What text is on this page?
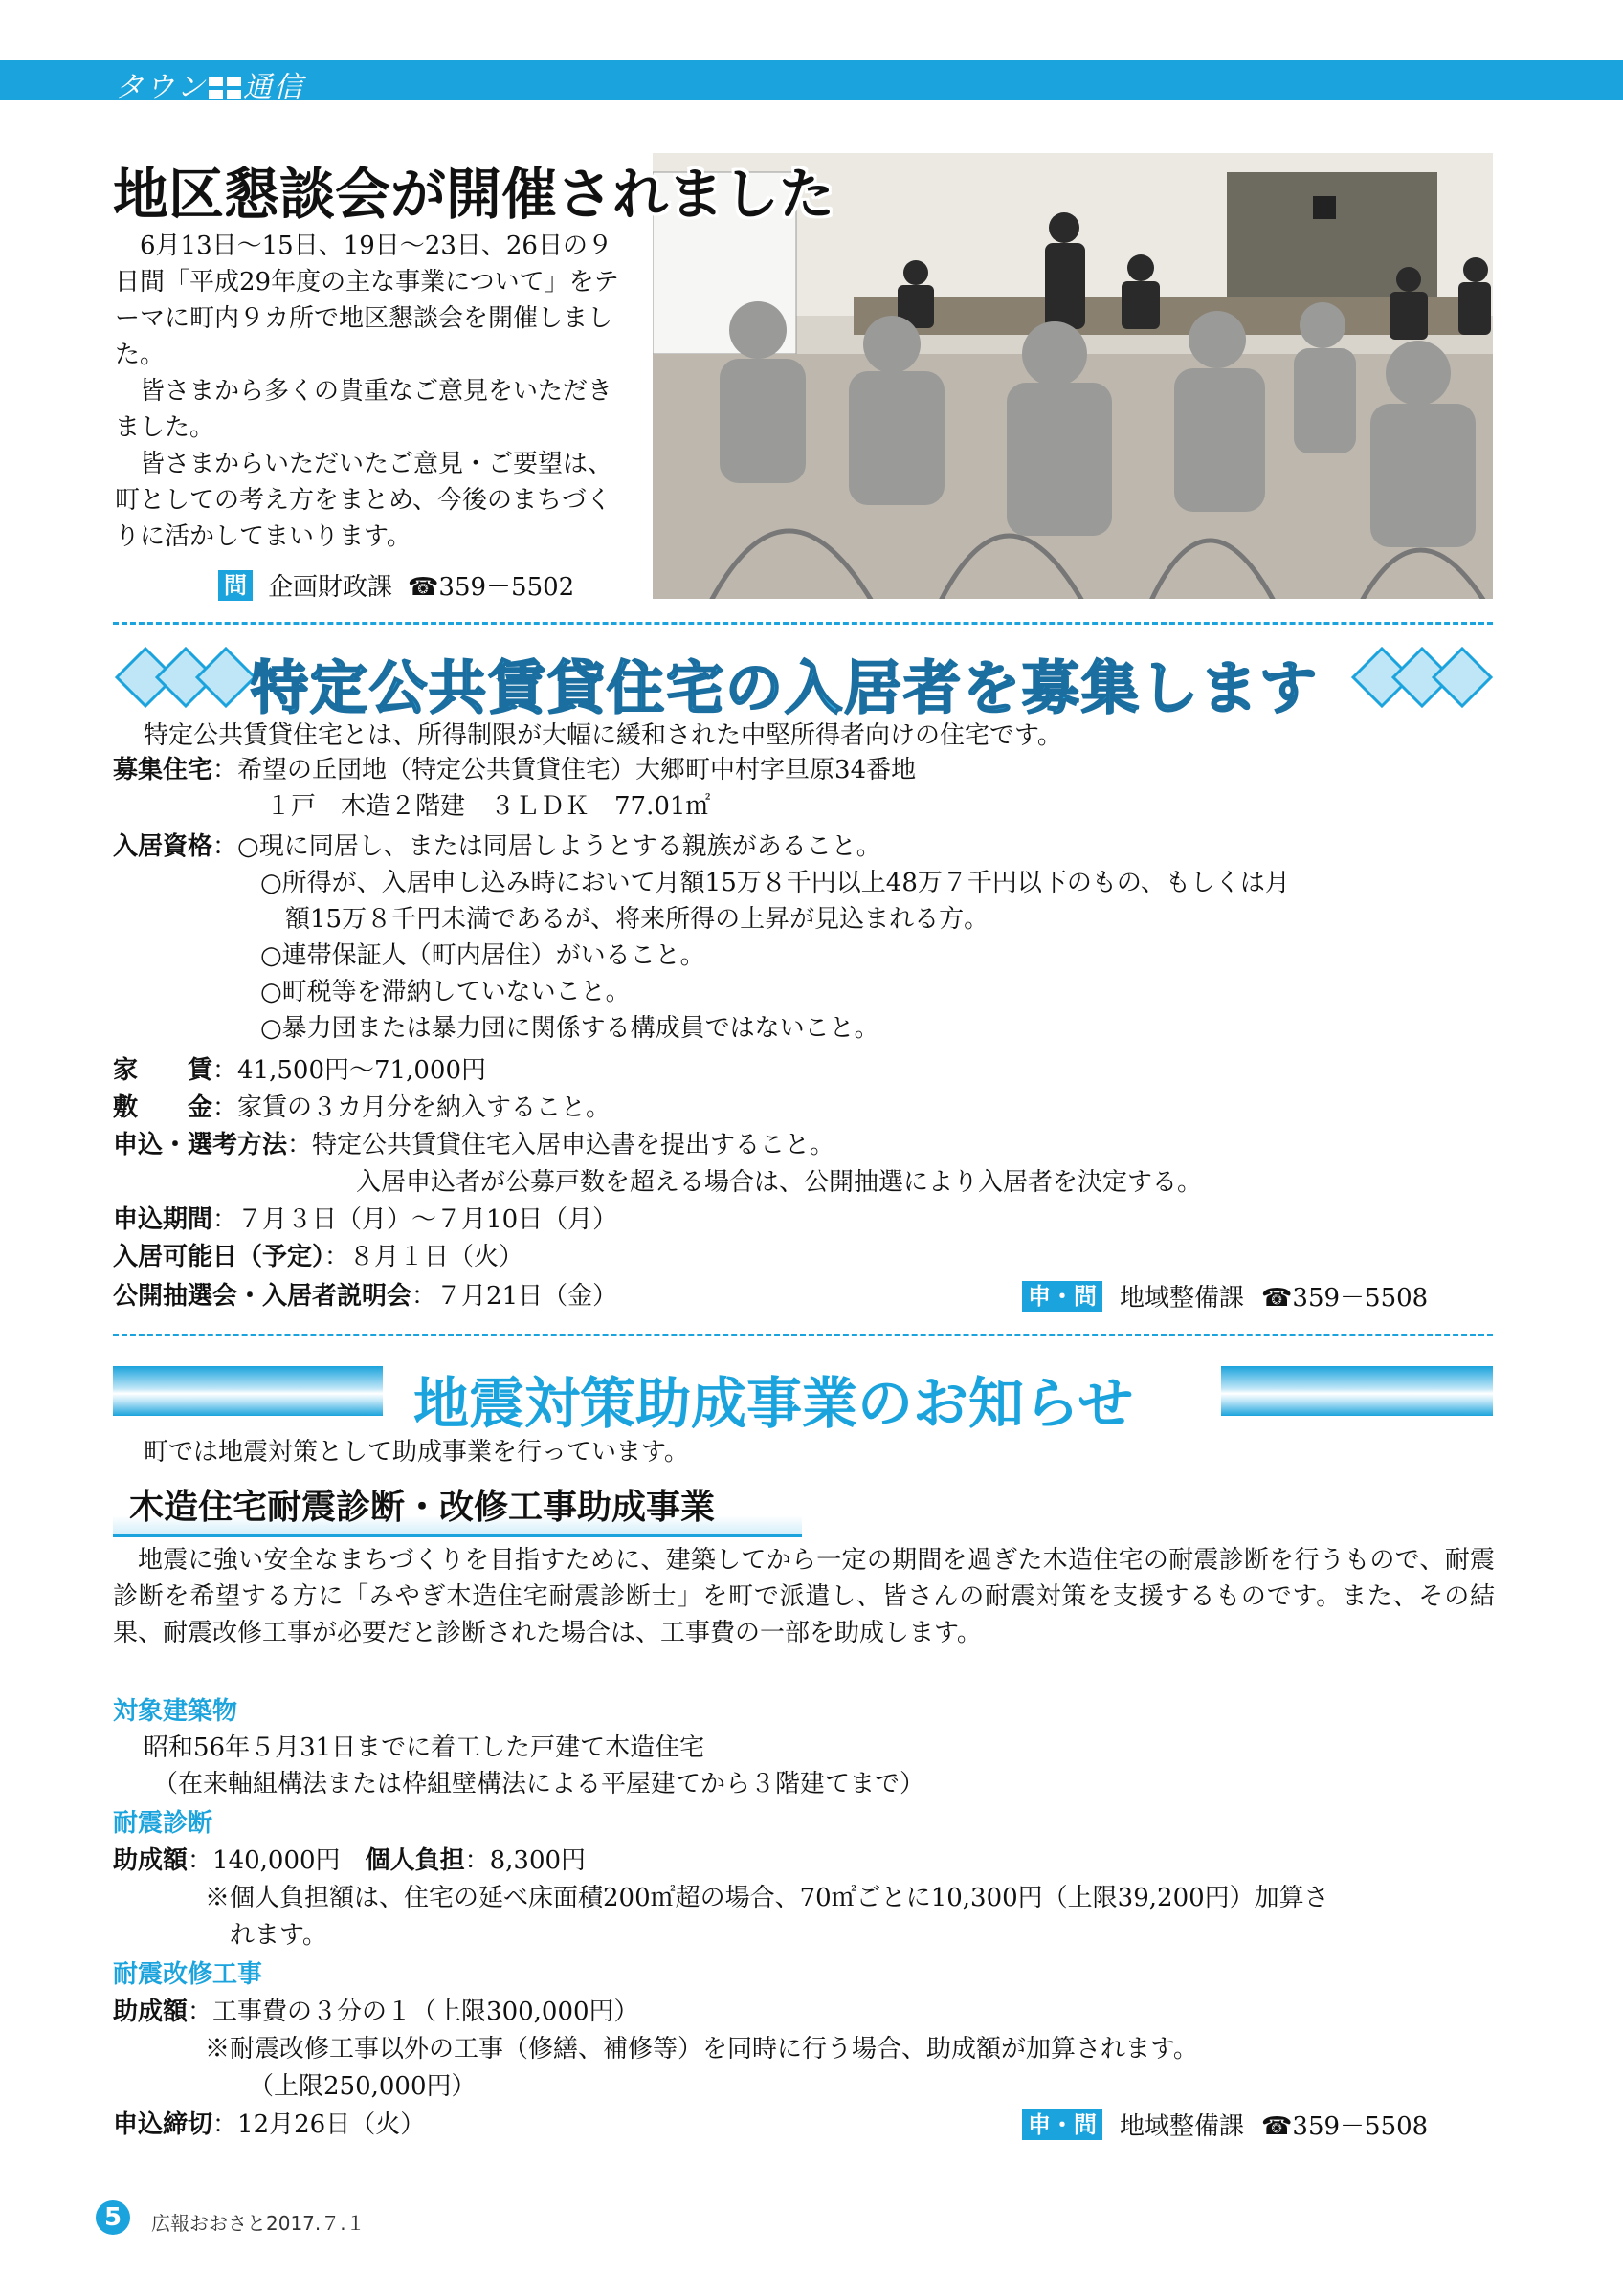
タウン 通信
地区懇談会が開催されました

6月13日〜15日、19日〜23日、26日の９日間「平成29年度の主な事業について」をテーマに町内９カ所で地区懇談会を開催しました。

皆さまから多くの貴重なご意見をいただきました。

皆さまからいただいたご意見・ご要望は、町としての考え方をまとめ、今後のまちづくりに活かしてまいります。

問 企画財政課 ☎359－5502
特定公共賃貸住宅の入居者を募集します
特定公共賃貸住宅とは、所得制限が大幅に緩和された中堅所得者向けの住宅です。
募集住宅：希望の丘団地（特定公共賃貸住宅）大郷町中村字旦原34番地
１戸　木造２階建　３ＬＤＫ　77.01㎡
入居資格：○現に同居し、または同居しようとする親族があること。
○所得が、入居申し込み時において月額15万８千円以上48万７千円以下のもの、もしくは月
　額15万８千円未満であるが、将来所得の上昇が見込まれる方。
○連帯保証人（町内居住）がいること。
○町税等を滞納していないこと。
○暴力団または暴力団に関係する構成員ではないこと。
家　　賃：41,500円〜71,000円
敷　　金：家賃の３カ月分を納入すること。
申込・選考方法：特定公共賃貸住宅入居申込書を提出すること。
入居申込者が公募戸数を超える場合は、公開抽選により入居者を決定する。
申込期間：７月３日（月）〜７月10日（月）
入居可能日（予定）：８月１日（火）
公開抽選会・入居者説明会：７月21日（金）	申・問 地域整備課 ☎359－5508
地震対策助成事業のお知らせ
町では地震対策として助成事業を行っています。
木造住宅耐震診断・改修工事助成事業
地震に強い安全なまちづくりを目指すために、建築してから一定の期間を過ぎた木造住宅の耐震診断を行うもので、耐震診断を希望する方に「みやぎ木造住宅耐震診断士」を町で派遣し、皆さんの耐震対策を支援するものです。また、その結果、耐震改修工事が必要だと診断された場合は、工事費の一部を助成します。
対象建築物
昭和56年５月31日までに着工した戸建て木造住宅
（在来軸組構法または枠組壁構法による平屋建てから３階建てまで）
耐震診断
助成額：140,000円　 個人負担：8,300円
※個人負担額は、住宅の延べ床面積200㎡超の場合、70㎡ごとに10,300円（上限39,200円）加算さ
れます。
耐震改修工事
助成額：工事費の３分の１（上限300,000円）
※耐震改修工事以外の工事（修繕、補修等）を同時に行う場合、助成額が加算されます。
（上限250,000円）
申込締切：12月26日（火）	申・問 地域整備課 ☎359－5508
5	広報おおさと2017.７.１
